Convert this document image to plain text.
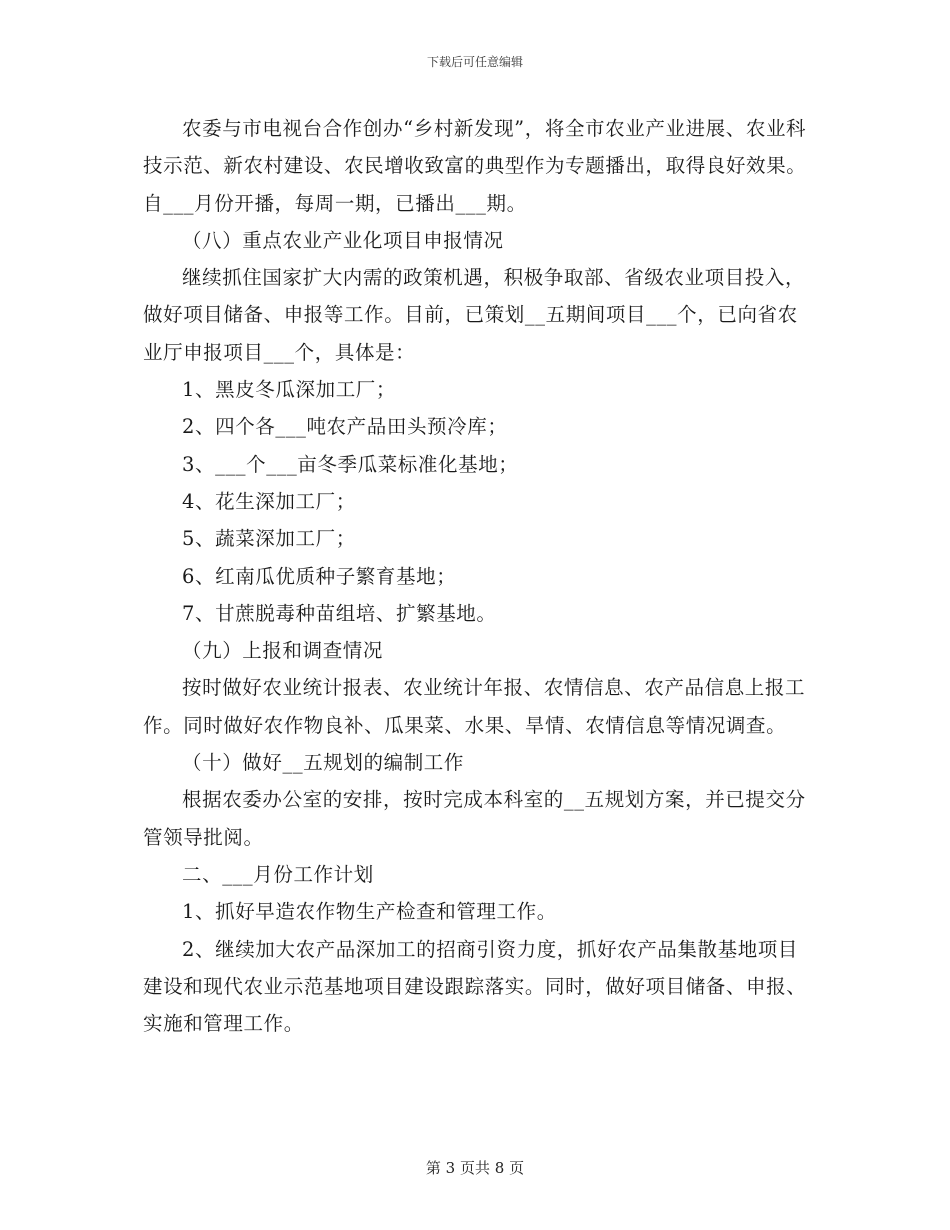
下载后可任意编辑

农委与市电视台合作创办“乡村新发现”，将全市农业产业进展、农业科技示范、新农村建设、农民增收致富的典型作为专题播出，取得良好效果。自___月份开播，每周一期，已播出___期。

（八）重点农业产业化项目申报情况

继续抓住国家扩大内需的政策机遇，积极争取部、省级农业项目投入，做好项目储备、申报等工作。目前，已策划__五期间项目___个，已向省农业厅申报项目___个，具体是：

1、黑皮冬瓜深加工厂；

2、四个各___吨农产品田头预冷库；

3、___个___亩冬季瓜菜标准化基地；

4、花生深加工厂；

5、蔬菜深加工厂；

6、红南瓜优质种子繁育基地；

7、甘蔗脱毒种苗组培、扩繁基地。

（九）上报和调查情况

按时做好农业统计报表、农业统计年报、农情信息、农产品信息上报工作。同时做好农作物良补、瓜果菜、水果、旱情、农情信息等情况调查。

（十）做好__五规划的编制工作

根据农委办公室的安排，按时完成本科室的__五规划方案，并已提交分管领导批阅。

二、___月份工作计划

1、抓好早造农作物生产检查和管理工作。

2、继续加大农产品深加工的招商引资力度，抓好农产品集散基地项目建设和现代农业示范基地项目建设跟踪落实。同时，做好项目储备、申报、实施和管理工作。

第 3 页共 8 页
